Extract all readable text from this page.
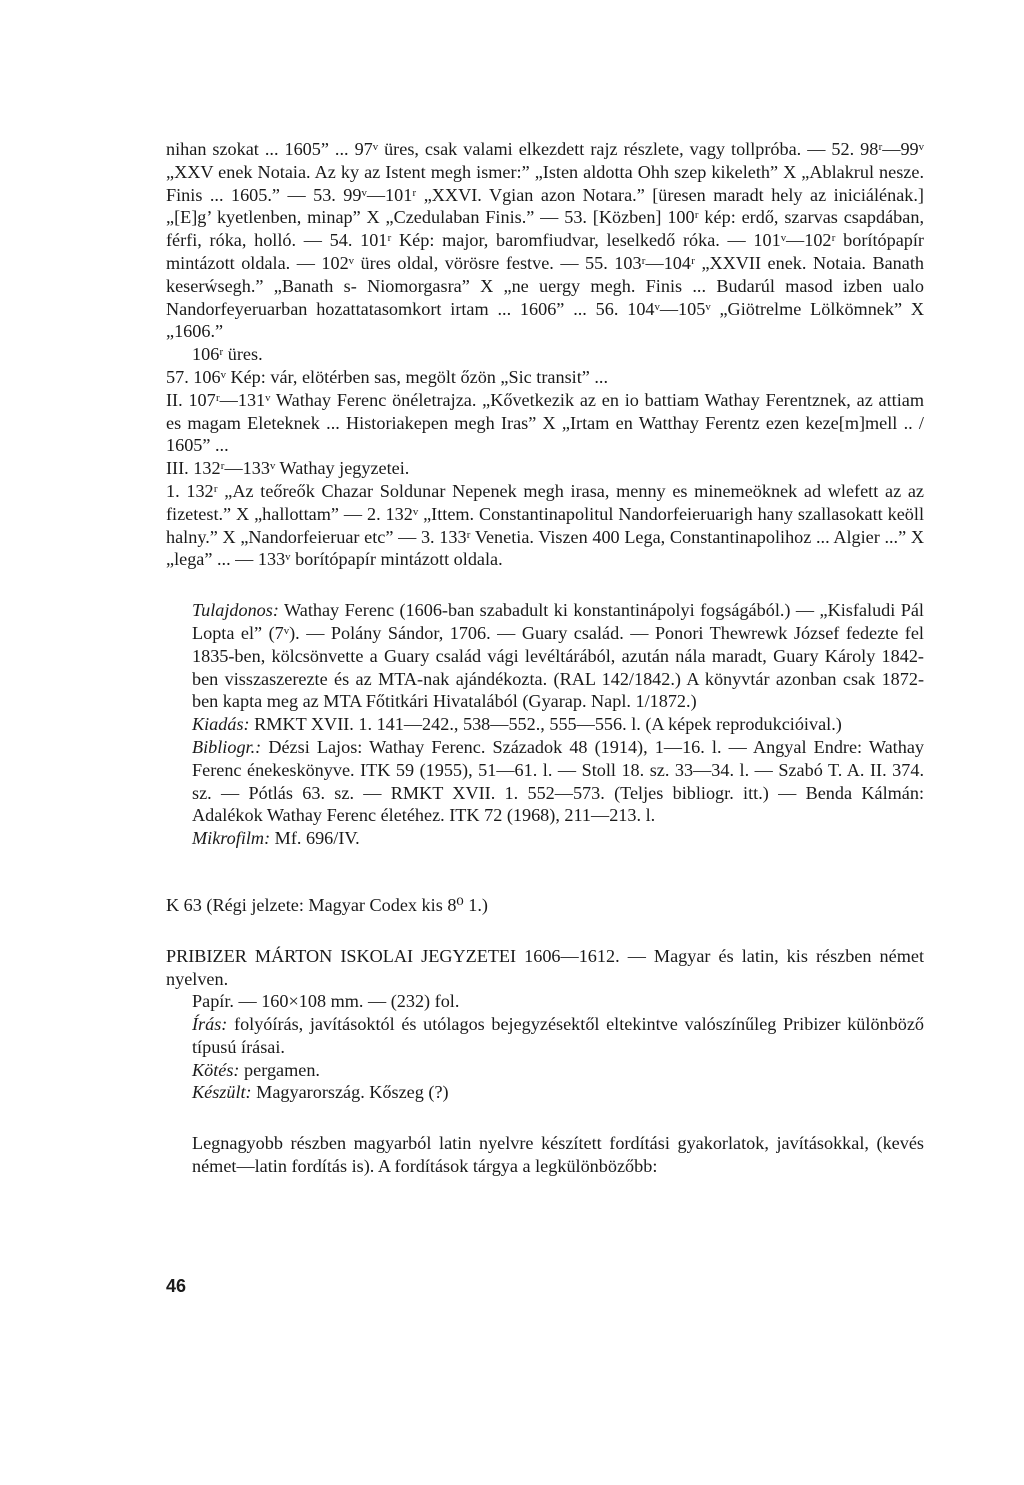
nihan szokat ... 1605” ... 97ᵛ üres, csak valami elkezdett rajz részlete, vagy tollpróba. — 52. 98ʳ—99ᵛ „XXV enek Notaia. Az ky az Istent megh ismer:” „Isten aldotta Ohh szep kikeleth” X „Ablakrul nesze. Finis ... 1605.” — 53. 99ᵛ—101ʳ „XXVI. Vgian azon Notara.” [üresen maradt hely az iniciálénak.] „[E]g’ kyetlenben, minap” X „Czedulaban Finis.” — 53. [Közben] 100ʳ kép: erdő, szarvas csapdában, férfi, róka, holló. — 54. 101ʳ Kép: major, baromfiudvar, leselkedő róka. — 101ᵛ—102ʳ borítópapír mintázott oldala. — 102ᵛ üres oldal, vörösre festve. — 55. 103ʳ—104ʳ „XXVII enek. Notaia. Banath keserẃsegh.” „Banath s- Niomorgasra” X „ne uergy megh. Finis ... Budarúl masod izben ualo Nandorfeyeruarban hozattatasomkort irtam ... 1606” ... 56. 104ᵛ—105ᵛ „Giötrelme Lölkömnek” X „1606.”

106ʳ üres.

57. 106ᵛ Kép: vár, elötérben sas, megölt őzön „Sic transit” ...

II. 107ʳ—131ᵛ Wathay Ferenc önéletrajza. „Kővetkezik az en io battiam Wathay Ferentznek, az attiam es magam Eleteknek ... Historiakepen megh Iras” X „Irtam en Watthay Ferentz ezen keze[m]mell .. / 1605” ...

III. 132ʳ—133ᵛ Wathay jegyzetei.

1. 132ʳ „Az teőreők Chazar Soldunar Nepenek megh irasa, menny es minemeöknek ad wlefett az az fizetest.” X „hallottam” — 2. 132ᵛ „Ittem. Constantinapolitul Nandorfeieruarigh hany szallasokatt keöll halny.” X „Nandorfeieruar etc” — 3. 133ʳ Venetia. Viszen 400 Lega, Constantinapolihoz ... Algier ...” X „lega” ... — 133ᵛ borítópapír mintázott oldala.

Tulajdonos: Wathay Ferenc (1606-ban szabadult ki konstantinápolyi fogságából.) — „Kisfaludi Pál Lopta el” (7ᵛ). — Polány Sándor, 1706. — Guary család. — Ponori Thewrewk József fedezte fel 1835-ben, kölcsönvette a Guary család vági levéltárából, azután nála maradt, Guary Károly 1842-ben visszaszerezte és az MTA-nak ajándékozta. (RAL 142/1842.) A könyvtár azonban csak 1872-ben kapta meg az MTA Főtitkári Hivatalából (Gyarap. Napl. 1/1872.)

Kiadás: RMKT XVII. 1. 141—242., 538—552., 555—556. l. (A képek reprodukcióival.)

Bibliogr.: Dézsi Lajos: Wathay Ferenc. Századok 48 (1914), 1—16. l. — Angyal Endre: Wathay Ferenc énekeskönyve. ITK 59 (1955), 51—61. l. — Stoll 18. sz. 33—34. l. — Szabó T. A. II. 374. sz. — Pótlás 63. sz. — RMKT XVII. 1. 552—573. (Teljes bibliogr. itt.) — Benda Kálmán: Adalékok Wathay Ferenc életéhez. ITK 72 (1968), 211—213. l.

Mikrofilm: Mf. 696/IV.

K 63 (Régi jelzete: Magyar Codex kis 8⁰ 1.)

PRIBIZER MÁRTON ISKOLAI JEGYZETEI 1606—1612. — Magyar és latin, kis részben német nyelven.

Papír. — 160×108 mm. — (232) fol.

Írás: folyóírás, javításoktól és utólagos bejegyzésektől eltekintve valószínűleg Pribizer különböző típusú írásai.

Kötés: pergamen.

Készült: Magyarország. Kőszeg (?)

Legnagyobb részben magyarból latin nyelvre készített fordítási gyakorlatok, javításokkal, (kevés német—latin fordítás is). A fordítások tárgya a legkülönbözőbb:

46
